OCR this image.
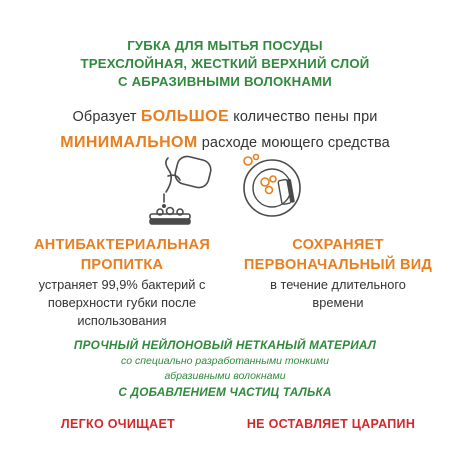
ГУБКА ДЛЯ МЫТЬЯ ПОСУДЫ
ТРЕХСЛОЙНАЯ, ЖЕСТКИЙ ВЕРХНИЙ СЛОЙ
С АБРАЗИВНЫМИ ВОЛОКНАМИ
Образует БОЛЬШОЕ количество пены при
МИНИМАЛЬНОМ расходе моющего средства
АНТИБАКТЕРИАЛЬНАЯ
ПРОПИТКА
устраняет 99,9% бактерий с
поверхности губки после
использования
СОХРАНЯЕТ
ПЕРВОНАЧАЛЬНЫЙ ВИД
в течение длительного
времени
ПРОЧНЫЙ НЕЙЛОНОВЫЙ НЕТКАНЫЙ МАТЕРИАЛ
со специально разработанными тонкими
абразивными волокнами
С ДОБАВЛЕНИЕМ ЧАСТИЦ ТАЛЬКА
ЛЕГКО ОЧИЩАЕТ	НЕ ОСТАВЛЯЕТ ЦАРАПИН
